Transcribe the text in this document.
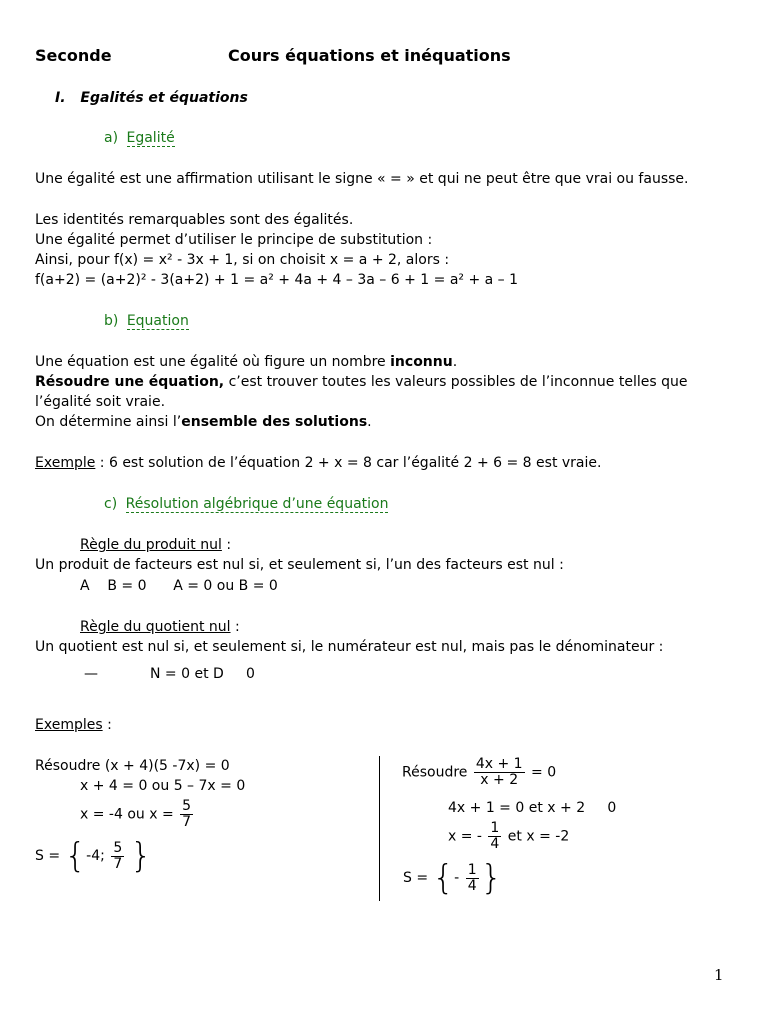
Seconde	Cours équations et inéquations
I. Egalités et équations
a) Egalité
Une égalité est une affirmation utilisant le signe « = » et qui ne peut être que vrai ou fausse.
Les identités remarquables sont des égalités.
Une égalité permet d’utiliser le principe de substitution :
Ainsi, pour f(x) = x² - 3x + 1, si on choisit x = a + 2, alors :
f(a+2) = (a+2)² - 3(a+2) + 1 = a² + 4a + 4 – 3a – 6 + 1 = a² + a – 1
b) Equation
Une équation est une égalité où figure un nombre inconnu.
Résoudre une équation, c’est trouver toutes les valeurs possibles de l’inconnue telles que
l’égalité soit vraie.
On détermine ainsi l’ensemble des solutions.
Exemple : 6 est solution de l’équation 2 + x = 8 car l’égalité 2 + 6 = 8 est vraie.
c) Résolution algébrique d’une équation
Règle du produit nul :
Un produit de facteurs est nul si, et seulement si, l’un des facteurs est nul :
A    B = 0      A = 0 ou B = 0
Règle du quotient nul :
Un quotient est nul si, et seulement si, le numérateur est nul, mais pas le dénominateur :
—	N = 0 et D     0
Exemples :
Résoudre (x + 4)(5 -7x) = 0
x + 4 = 0 ou 5 – 7x = 0
x = -4 ou $x = \frac{5}{7}$
S = {-4; $\frac{5}{7}$ }
Résoudre $\frac{4x + 1}{x + 2} = 0$
4x + 1 = 0 et x + 2     0
x = - $\frac{1}{4}$ et x = -2
S = {- $\frac{1}{4}$ }
1
